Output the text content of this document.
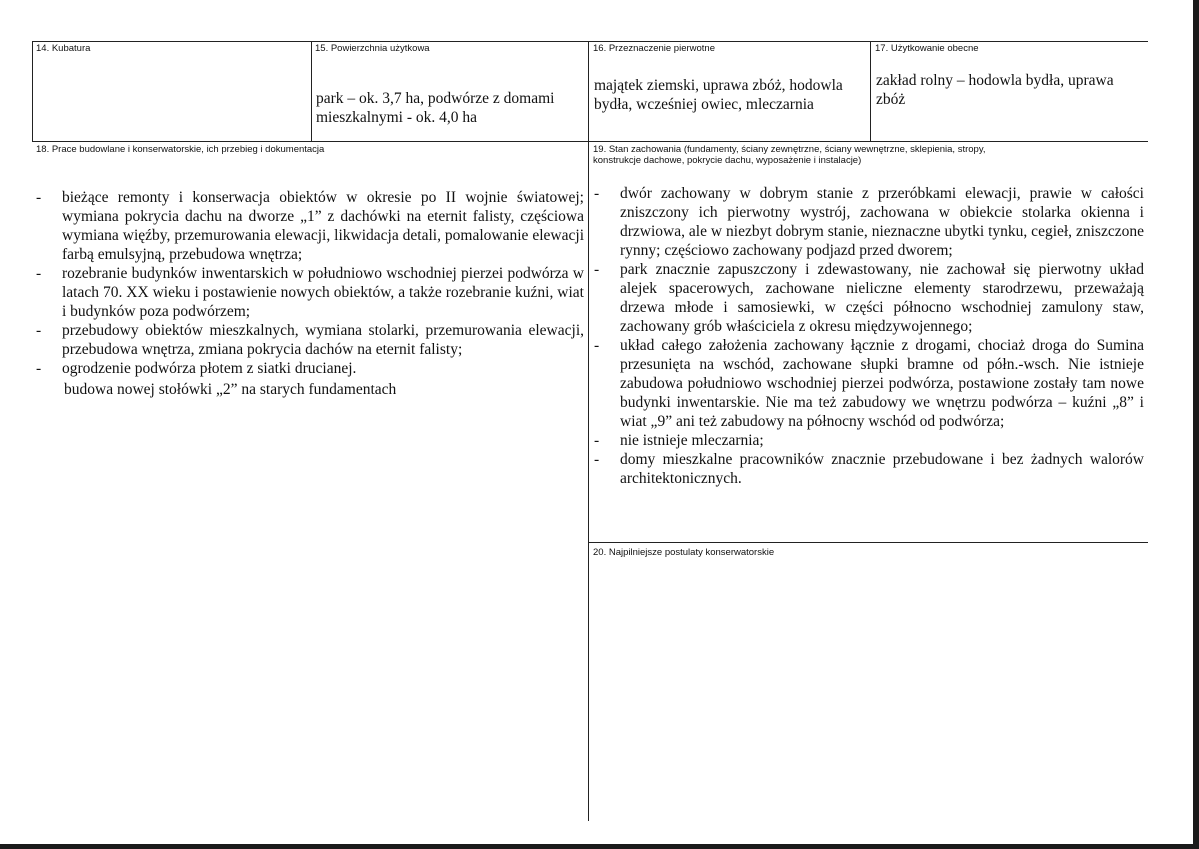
14. Kubatura	15. Powierzchnia użytkowa
park – ok. 3,7 ha, podwórze z domami mieszkalnymi - ok. 4,0 ha
16. Przeznaczenie pierwotne
majątek ziemski, uprawa zbóż, hodowla bydła, wcześniej owiec, mleczarnia
17. Użytkowanie obecne
zakład rolny – hodowla bydła, uprawa zbóż
18. Prace budowlane i konserwatorskie, ich przebieg i dokumentacja
- bieżące remonty i konserwacja obiektów w okresie po II wojnie światowej; wymiana pokrycia dachu na dworze „1” z dachówki na eternit falisty, częściowa wymiana więźby, przemurowania elewacji, likwidacja detali, pomalowanie elewacji farbą emulsyjną, przebudowa wnętrza;
- rozebranie budynków inwentarskich w południowo wschodniej pierzei podwórza w latach 70. XX wieku i postawienie nowych obiektów, a także rozebranie kuźni, wiat i budynków poza podwórzem;
- przebudowy obiektów mieszkalnych, wymiana stolarki, przemurowania elewacji, przebudowa wnętrza, zmiana pokrycia dachów na eternit falisty;
- ogrodzenie podwórza płotem z siatki drucianej.
budowa nowej stołówki „2” na starych fundamentach
19. Stan zachowania (fundamenty, ściany zewnętrzne, ściany wewnętrzne, sklepienia, stropy,
konstrukcje dachowe, pokrycie dachu, wyposażenie i instalacje)
- dwór zachowany w dobrym stanie z przeróbkami elewacji, prawie w całości zniszczony ich pierwotny wystrój, zachowana w obiekcie stolarka okienna i drzwiowa, ale w niezbyt dobrym stanie, nieznaczne ubytki tynku, cegieł, zniszczone rynny; częściowo zachowany podjazd przed dworem;
- park znacznie zapuszczony i zdewastowany, nie zachował się pierwotny układ alejek spacerowych, zachowane nieliczne elementy starodrzewu, przeważają drzewa młode i samosiewki, w części północno wschodniej zamulony staw, zachowany grób właściciela z okresu międzywojennego;
- układ całego założenia zachowany łącznie z drogami, chociaż droga do Sumina przesunięta na wschód, zachowane słupki bramne od półn.-wsch. Nie istnieje zabudowa południowo wschodniej pierzei podwórza, postawione zostały tam nowe budynki inwentarskie. Nie ma też zabudowy we wnętrzu podwórza – kuźni „8” i wiat „9” ani też zabudowy na północny wschód od podwórza;
- nie istnieje mleczarnia;
- domy mieszkalne pracowników znacznie przebudowane i bez żadnych walorów architektonicznych.
20. Najpilniejsze postulaty konserwatorskie
